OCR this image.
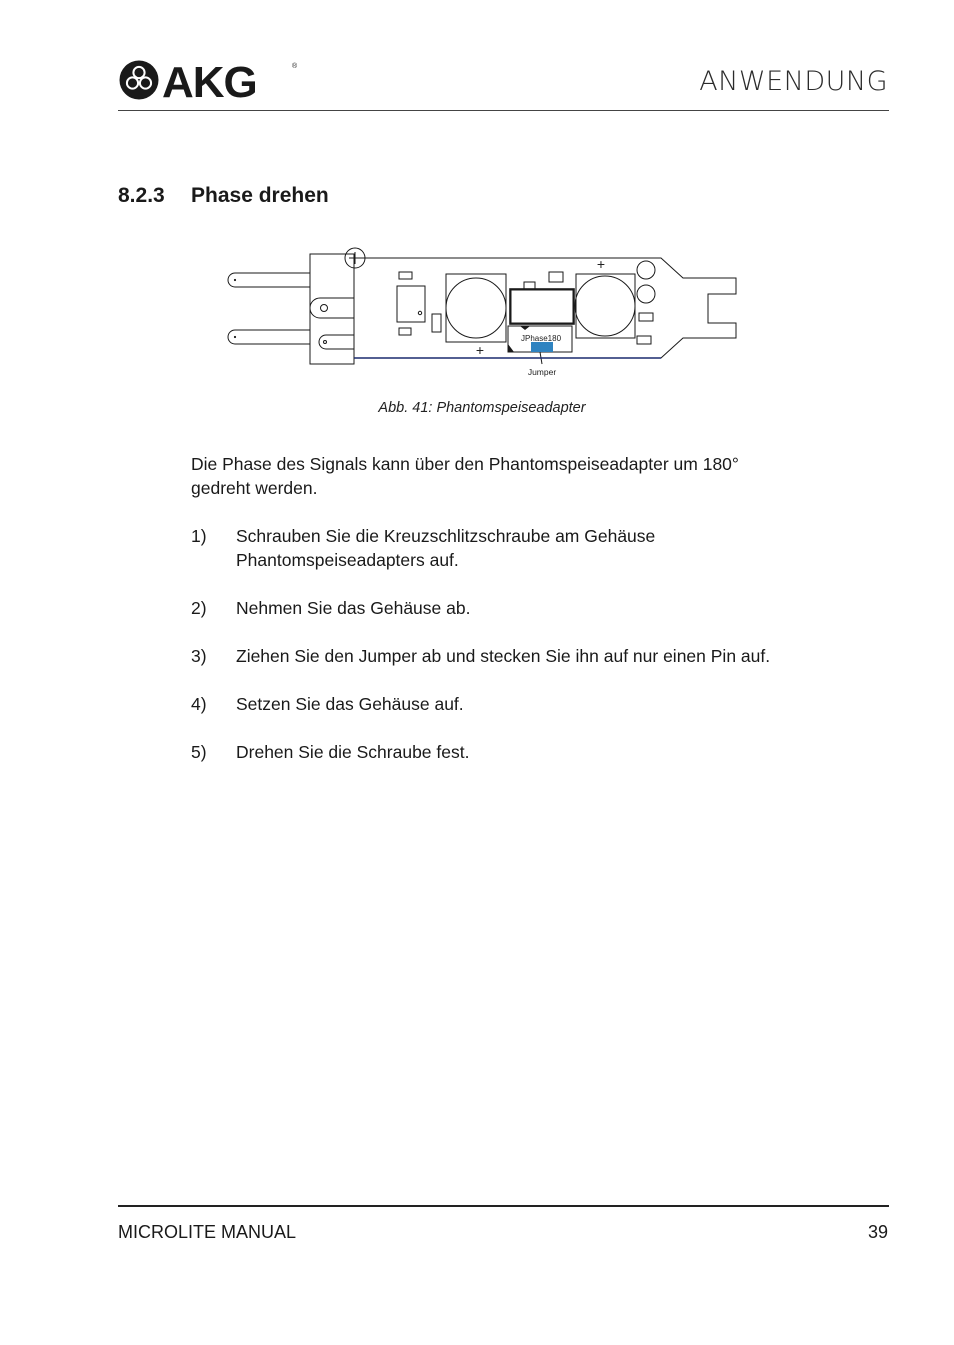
AKG	®	ANWENDUNG
8.2.3 Phase drehen
JPhase180
Jumper
+
+
Abb. 41: Phantomspeiseadapter
Die Phase des Signals kann über den Phantomspeiseadapter um 180° gedreht werden.
1) Schrauben Sie die Kreuzschlitzschraube am Gehäuse Phantomspeiseadapters auf.
2) Nehmen Sie das Gehäuse ab.
3) Ziehen Sie den Jumper ab und stecken Sie ihn auf nur einen Pin auf.
4) Setzen Sie das Gehäuse auf.
5) Drehen Sie die Schraube fest.
MICROLITE MANUAL	39
